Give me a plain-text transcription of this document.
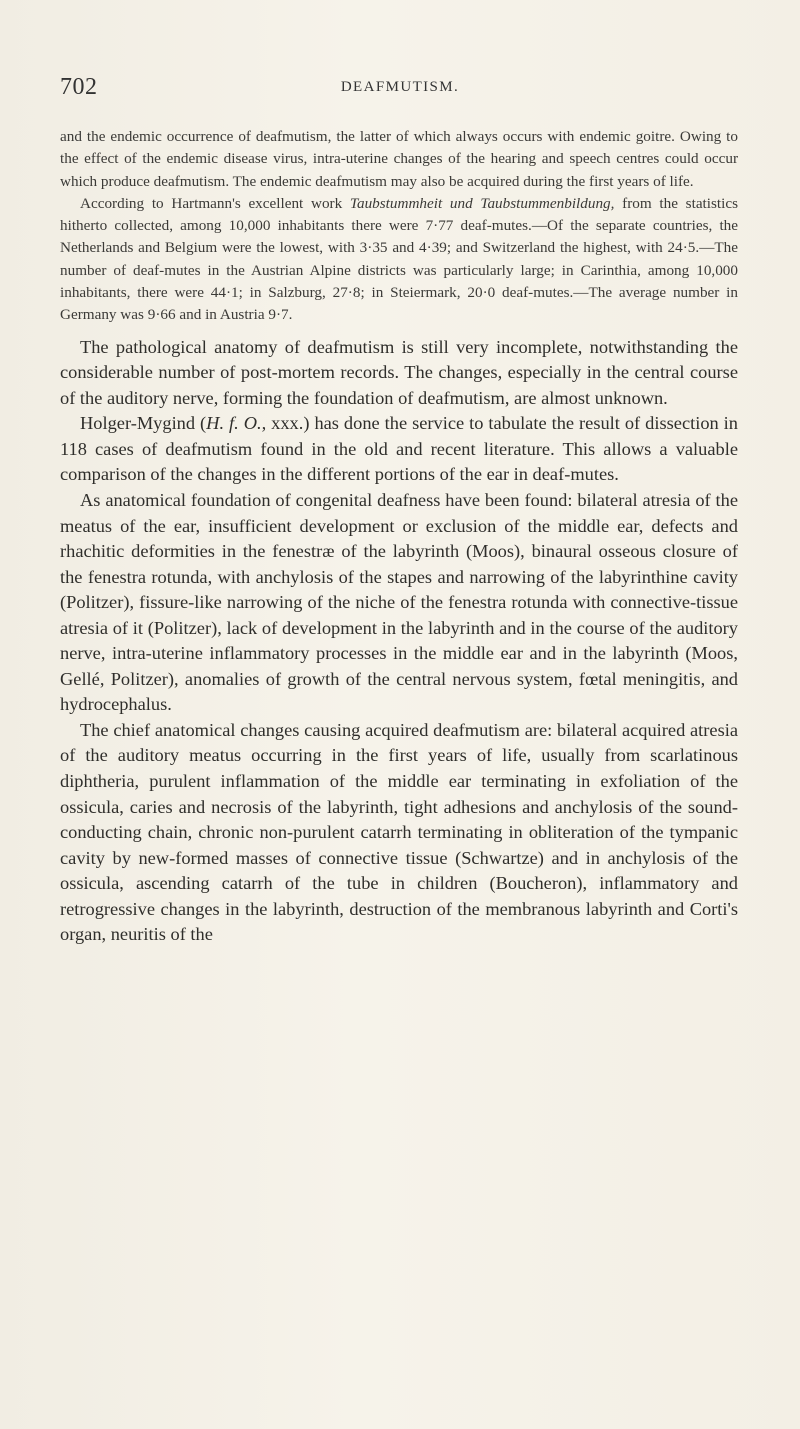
702	DEAFMUTISM.

and the endemic occurrence of deafmutism, the latter of which always occurs with endemic goitre. Owing to the effect of the endemic disease virus, intra-uterine changes of the hearing and speech centres could occur which produce deafmutism. The endemic deafmutism may also be acquired during the first years of life.

According to Hartmann's excellent work Taubstummheit und Taubstummenbildung, from the statistics hitherto collected, among 10,000 inhabitants there were 7·77 deaf-mutes.—Of the separate countries, the Netherlands and Belgium were the lowest, with 3·35 and 4·39; and Switzerland the highest, with 24·5.—The number of deaf-mutes in the Austrian Alpine districts was particularly large; in Carinthia, among 10,000 inhabitants, there were 44·1; in Salzburg, 27·8; in Steiermark, 20·0 deaf-mutes.—The average number in Germany was 9·66 and in Austria 9·7.

The pathological anatomy of deafmutism is still very incomplete, notwithstanding the considerable number of post-mortem records. The changes, especially in the central course of the auditory nerve, forming the foundation of deafmutism, are almost unknown.

Holger-Mygind (H. f. O., xxx.) has done the service to tabulate the result of dissection in 118 cases of deafmutism found in the old and recent literature. This allows a valuable comparison of the changes in the different portions of the ear in deaf-mutes.

As anatomical foundation of congenital deafness have been found: bilateral atresia of the meatus of the ear, insufficient development or exclusion of the middle ear, defects and rhachitic deformities in the fenestræ of the labyrinth (Moos), binaural osseous closure of the fenestra rotunda, with anchylosis of the stapes and narrowing of the labyrinthine cavity (Politzer), fissure-like narrowing of the niche of the fenestra rotunda with connective-tissue atresia of it (Politzer), lack of development in the labyrinth and in the course of the auditory nerve, intra-uterine inflammatory processes in the middle ear and in the labyrinth (Moos, Gellé, Politzer), anomalies of growth of the central nervous system, fœtal meningitis, and hydrocephalus.

The chief anatomical changes causing acquired deafmutism are: bilateral acquired atresia of the auditory meatus occurring in the first years of life, usually from scarlatinous diphtheria, purulent inflammation of the middle ear terminating in exfoliation of the ossicula, caries and necrosis of the labyrinth, tight adhesions and anchylosis of the sound-conducting chain, chronic non-purulent catarrh terminating in obliteration of the tympanic cavity by new-formed masses of connective tissue (Schwartze) and in anchylosis of the ossicula, ascending catarrh of the tube in children (Boucheron), inflammatory and retrogressive changes in the labyrinth, destruction of the membranous labyrinth and Corti's organ, neuritis of the
